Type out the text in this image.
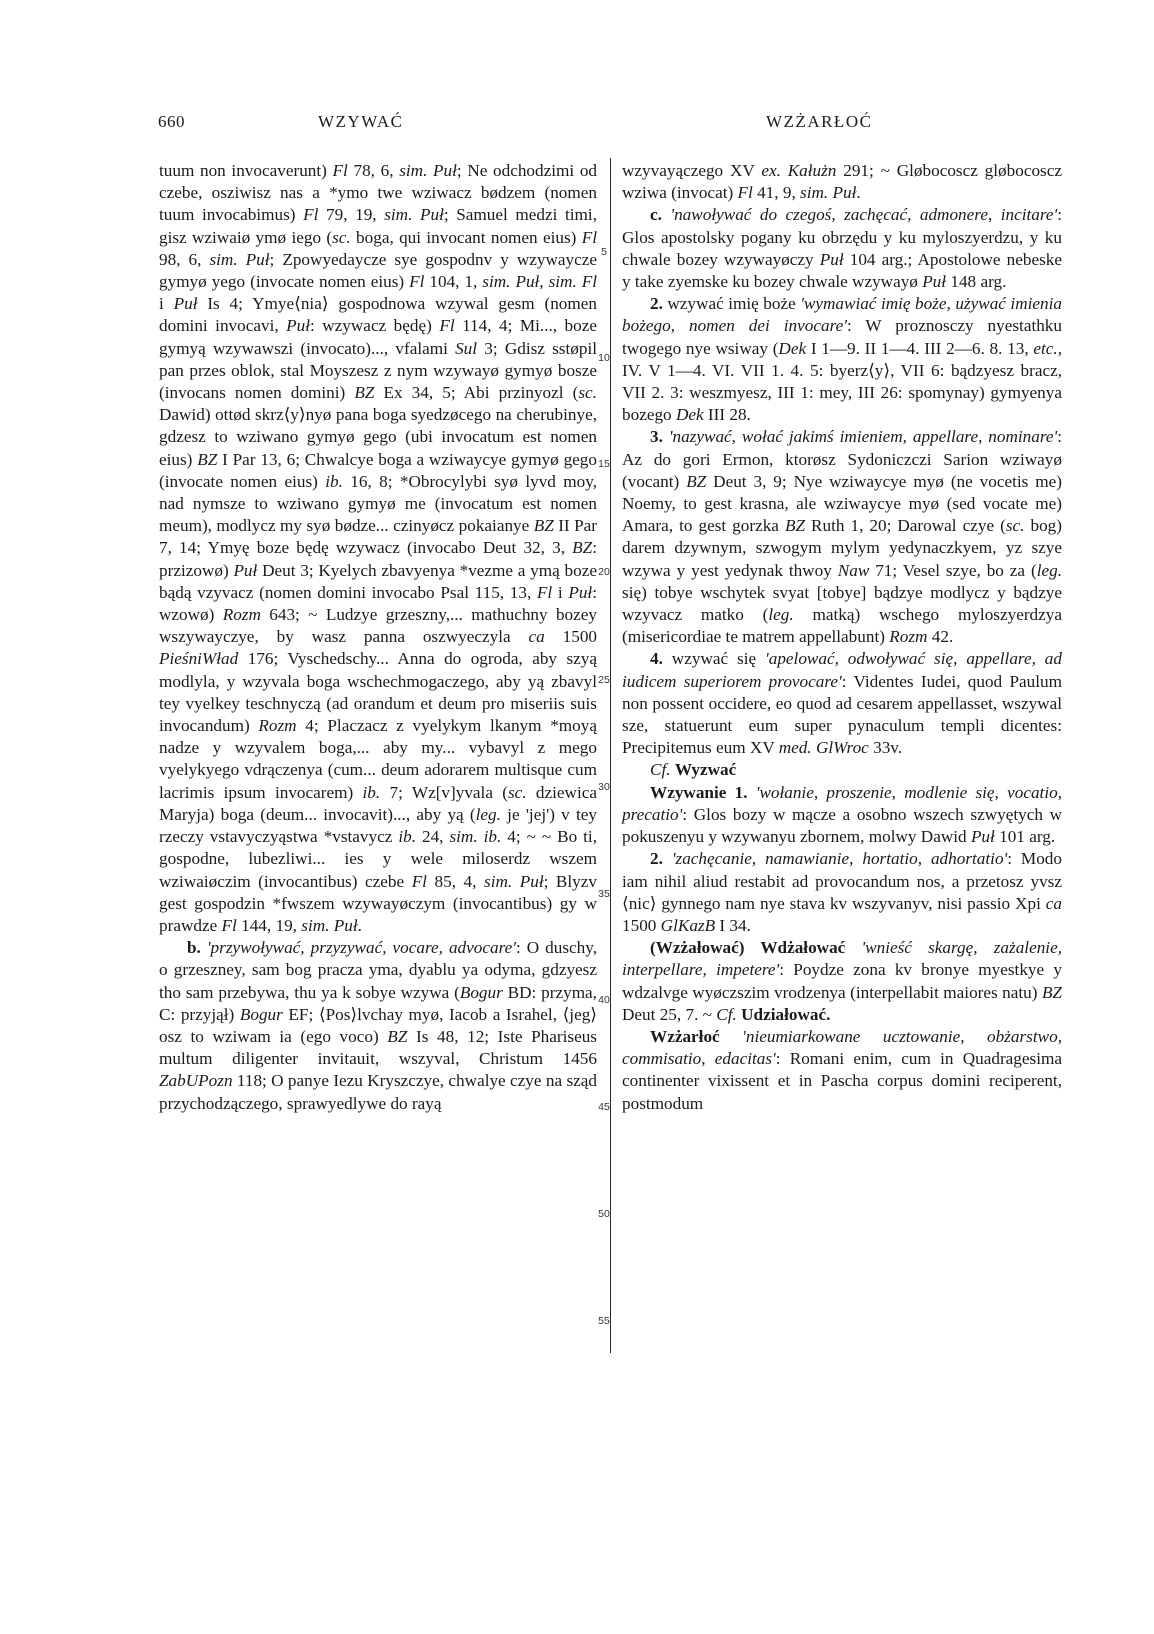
660	WZYWAĆ	WZŻARŁOĆ

tuum non invocaverunt) Fl 78, 6, sim. Puł; Ne odchodzimi od czebe, osziwisz nas a *ymo twe wziwacz bødzem (nomen tuum invocabimus) Fl 79, 19, sim. Puł; Samuel medzi timi, gisz wziwaiø ymø iego (sc. boga, qui invocant nomen eius) Fl 98, 6, sim. Puł; Zpowyedaycze sye gospodnv y wzywaycze gymyø yego (invocate nomen eius) Fl 104, 1, sim. Puł, sim. Fl i Puł Is 4; Ymye⟨nia⟩ gospodnowa wzywal gesm (nomen domini invocavi, Puł: wzywacz będę) Fl 114, 4; Mi..., boze gymyą wzywawszi (invocato)..., vfalami Sul 3; Gdisz sstøpil pan przes oblok, stal Moyszesz z nym wzywayø gymyø bosze (invocans nomen domini) BZ Ex 34, 5; Abi przinyozl (sc. Dawid) ottød skrz⟨y⟩nyø pana boga syedzøcego na cherubinye, gdzesz to wziwano gymyø gego (ubi invocatum est nomen eius) BZ I Par 13, 6; Chwalcye boga a wziwaycye gymyø gego (invocate nomen eius) ib. 16, 8; *Obrocylybi syø lyvd moy, nad nymsze to wziwano gymyø me (invocatum est nomen meum), modlycz my syø bødze... czinyøcz pokaianye BZ II Par 7, 14; Ymyę boze będę wzywacz (invocabo Deut 32, 3, BZ: przizowø) Puł Deut 3; Kyelych zbavyenya *vezme a ymą boze bądą vzyvacz (nomen domini invocabo Psal 115, 13, Fl i Puł: wzowø) Rozm 643; ~ Ludzye grzeszny,... mathuchny bozey wszywayczye, by wasz panna oszwyeczyla ca 1500 PieśniWład 176; Vyschedschy... Anna do ogroda, aby szyą modlyla, y wzyvala boga wschechmogaczego, aby yą zbavyl tey vyelkey teschnyczą (ad orandum et deum pro miseriis suis invocandum) Rozm 4; Placzacz z vyelykym lkanym *moyą nadze y wzyvalem boga,... aby my... vybavyl z mego vyelykyego vdrączenya (cum... deum adorarem multisque cum lacrimis ipsum invocarem) ib. 7; Wz[v]yvala (sc. dziewica Maryja) boga (deum... invocavit)..., aby yą (leg. je 'jej') v tey rzeczy vstavyczyąstwa *vstavycz ib. 24, sim. ib. 4; ~ ~ Bo ti, gospodne, lubezliwi... ies y wele miloserdz wszem wziwaiøczim (invocantibus) czebe Fl 85, 4, sim. Puł; Blyzv gest gospodzin *fwszem wzywayøczym (invocantibus) gy w prawdze Fl 144, 19, sim. Puł.

b. 'przywoływać, przyzywać, vocare, advocare': O duschy, o grzeszney, sam bog pracza yma, dyablu ya odyma, gdzyesz tho sam przebywa, thu ya k sobye wzywa (Bogur BD: przyma, C: przyjął) Bogur EF; ⟨Pos⟩lvchay myø, Iacob a Israhel, ⟨jeg⟩osz to wziwam ia (ego voco) BZ Is 48, 12; Iste Phariseus multum diligenter invitauit, wszyval, Christum 1456 ZabUPozn 118; O panye Iezu Kryszczye, chwalye czye na sząd przychodzączego, sprawyedlywe do rayą

5
10
15
20
25
30
35
40
45
50
55

wzyvayączego XV ex. Kałużn 291; ~ Gløbocoscz gløbocoscz wziwa (invocat) Fl 41, 9, sim. Puł.

c. 'nawoływać do czegoś, zachęcać, admonere, incitare': Glos apostolsky pogany ku obrzędu y ku myloszyerdzu, y ku chwale bozey wzywayøczy Puł 104 arg.; Apostolowe nebeske y take zyemske ku bozey chwale wzywayø Puł 148 arg.

2. wzywać imię boże 'wymawiać imię boże, używać imienia bożego, nomen dei invocare': W proznosczy nyestathku twogego nye wsiway (Dek I 1—9. II 1—4. III 2—6. 8. 13, etc., IV. V 1—4. VI. VII 1. 4. 5: byerz⟨y⟩, VII 6: bądzyesz bracz, VII 2. 3: weszmyesz, III 1: mey, III 26: spomynay) gymyenya bozego Dek III 28.

3. 'nazywać, wołać jakimś imieniem, appellare, nominare': Az do gori Ermon, ktorøsz Sydoniczczi Sarion wziwayø (vocant) BZ Deut 3, 9; Nye wziwaycye myø (ne vocetis me) Noemy, to gest krasna, ale wziwaycye myø (sed vocate me) Amara, to gest gorzka BZ Ruth 1, 20; Darowal czye (sc. bog) darem dzywnym, szwogym mylym yedynaczkyem, yz szye wzywa y yest yedynak thwoy Naw 71; Vesel szye, bo za (leg. się) tobye wschytek svyat [tobye] bądzye modlycz y bądzye wzyvacz matko (leg. matką) wschego myloszyerdzya (misericordiae te matrem appellabunt) Rozm 42.

4. wzywać się 'apelować, odwoływać się, appellare, ad iudicem superiorem provocare': Videntes Iudei, quod Paulum non possent occidere, eo quod ad cesarem appellasset, wszywal sze, statuerunt eum super pynaculum templi dicentes: Precipitemus eum XV med. GlWroc 33v.

Cf. Wyzwać

Wzywanie 1. 'wołanie, proszenie, modlenie się, vocatio, precatio': Glos bozy w mącze a osobno wszech szwyętych w pokuszenyu y wzywanyu zbornem, molwy Dawid Puł 101 arg.

2. 'zachęcanie, namawianie, hortatio, adhortatio': Modo iam nihil aliud restabit ad provocandum nos, a przetosz yvsz ⟨nic⟩ gynnego nam nye stava kv wszyvanyv, nisi passio Xpi ca 1500 GlKazB I 34.

(Wzżałować) Wdżałować 'wnieść skargę, zażalenie, interpellare, impetere': Poydze zona kv bronye myestkye y wdzalvge wyøczszim vrodzenya (interpellabit maiores natu) BZ Deut 25, 7. ~ Cf. Udziałować.

Wzżarłoć 'nieumiarkowane ucztowanie, obżarstwo, commisatio, edacitas': Romani enim, cum in Quadragesima continenter vixissent et in Pascha corpus domini reciperent, postmodum
